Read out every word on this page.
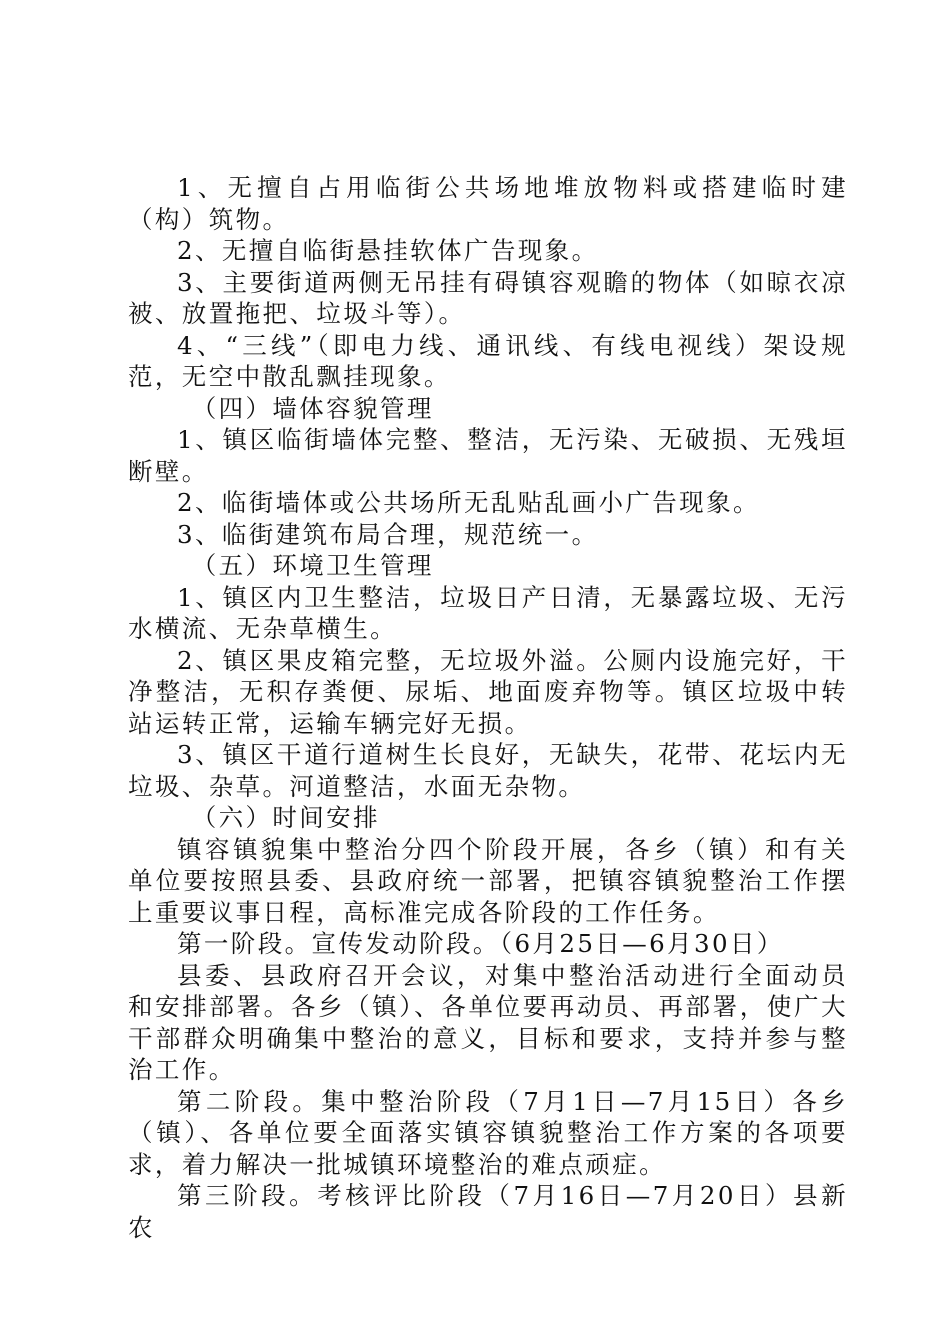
1、无擅自占用临街公共场地堆放物料或搭建临时建（构）筑物。

2、无擅自临街悬挂软体广告现象。

3、主要街道两侧无吊挂有碍镇容观瞻的物体（如晾衣凉被、放置拖把、垃圾斗等）。

4、“三线”（即电力线、通讯线、有线电视线）架设规范，无空中散乱飘挂现象。

（四）墙体容貌管理

1、镇区临街墙体完整、整洁，无污染、无破损、无残垣断壁。

2、临街墙体或公共场所无乱贴乱画小广告现象。

3、临街建筑布局合理，规范统一。

（五）环境卫生管理

1、镇区内卫生整洁，垃圾日产日清，无暴露垃圾、无污水横流、无杂草横生。

2、镇区果皮箱完整，无垃圾外溢。公厕内设施完好，干净整洁，无积存粪便、尿垢、地面废弃物等。镇区垃圾中转站运转正常，运输车辆完好无损。

3、镇区干道行道树生长良好，无缺失，花带、花坛内无垃圾、杂草。河道整洁，水面无杂物。

（六）时间安排

镇容镇貌集中整治分四个阶段开展，各乡（镇）和有关单位要按照县委、县政府统一部署，把镇容镇貌整治工作摆上重要议事日程，高标准完成各阶段的工作任务。

第一阶段。宣传发动阶段。（6月25日—6月30日）

县委、县政府召开会议，对集中整治活动进行全面动员和安排部署。各乡（镇）、各单位要再动员、再部署，使广大干部群众明确集中整治的意义，目标和要求，支持并参与整治工作。

第二阶段。集中整治阶段（7月1日—7月15日）各乡（镇）、各单位要全面落实镇容镇貌整治工作方案的各项要求，着力解决一批城镇环境整治的难点顽症。

第三阶段。考核评比阶段（7月16日—7月20日）县新农
